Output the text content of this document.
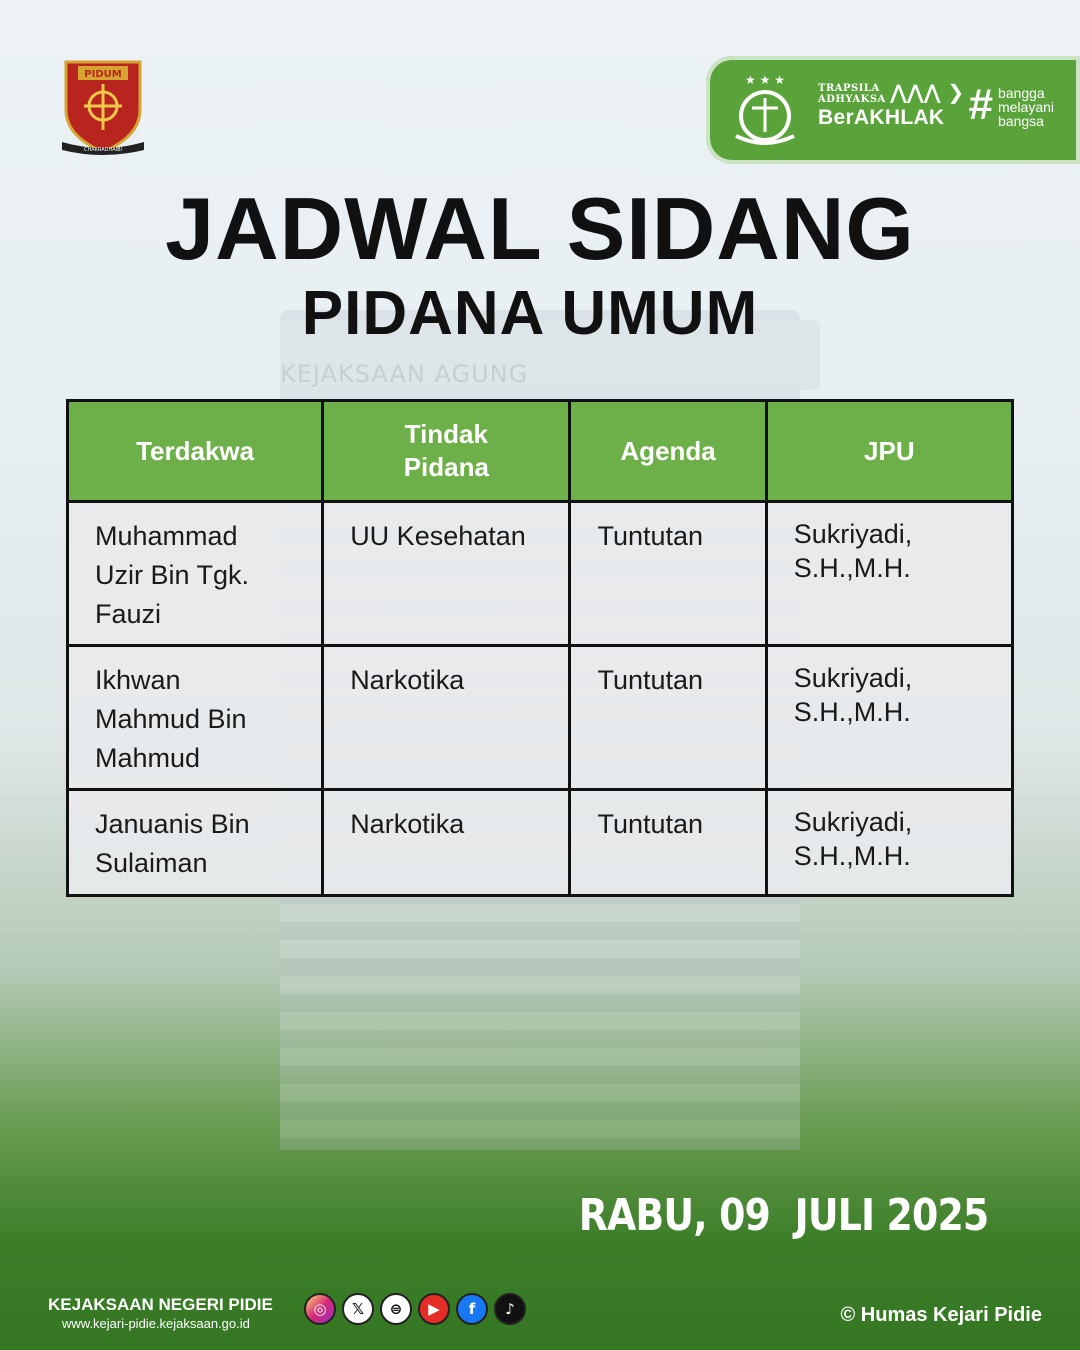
KEJAKSAAN AGUNG
PIDUM
CHAKRADHAIBI
★ ★ ★
TRAPSILA
ADHYAKSA ⋀⋀⋀ ❯
BerAKHLAK # bangga
melayani
bangsa
JADWAL SIDANG
PIDANA UMUM
Terdakwa	Tindak Pidana	Agenda	JPU
Muhammad Uzir Bin Tgk. Fauzi	UU Kesehatan	Tuntutan	Sukriyadi, S.H.,M.H.
Ikhwan Mahmud Bin Mahmud	Narkotika	Tuntutan	Sukriyadi, S.H.,M.H.
Januanis Bin Sulaiman	Narkotika	Tuntutan	Sukriyadi, S.H.,M.H.
RABU, 09  JULI 2025
KEJAKSAAN NEGERI PIDIE
www.kejari-pidie.kejaksaan.go.id
◎	𝕏	⊜	▶	f	♪	© Humas Kejari Pidie
